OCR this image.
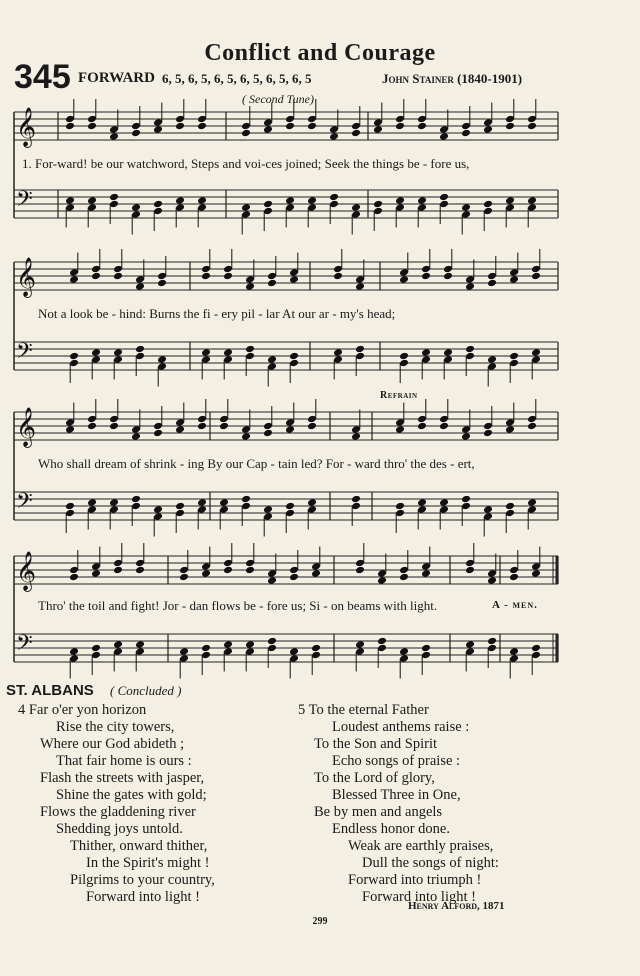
Conflict and Courage
345 FORWARD 6, 5, 6, 5, 6, 5, 6, 5, 6, 5, 6, 5	John Stainer (1840-1901)
( Second Tune)
𝄞
𝄢
𝄞
𝄢
𝄞
𝄢
𝄞
𝄢
1. For-ward! be our watchword, Steps and voi-ces joined; Seek the things be - fore us,
Not a look be - hind: Burns the fi - ery pil - lar At our ar - my's head;
Refrain
Who shall dream of shrink - ing By our Cap - tain led? For - ward thro' the des - ert,
Thro' the toil and fight! Jor - dan flows be - fore us; Si - on beams with light.	A - men.
ST. ALBANS ( Concluded )
4 Far o'er yon horizon
Rise the city towers,
Where our God abideth ;
That fair home is ours :
Flash the streets with jasper,
Shine the gates with gold;
Flows the gladdening river
Shedding joys untold.
Thither, onward thither,
In the Spirit's might !
Pilgrims to your country,
Forward into light !
5 To the eternal Father
Loudest anthems raise :
To the Son and Spirit
Echo songs of praise :
To the Lord of glory,
Blessed Three in One,
Be by men and angels
Endless honor done.
Weak are earthly praises,
Dull the songs of night:
Forward into triumph !
Forward into light !
Henry Alford, 1871
299
